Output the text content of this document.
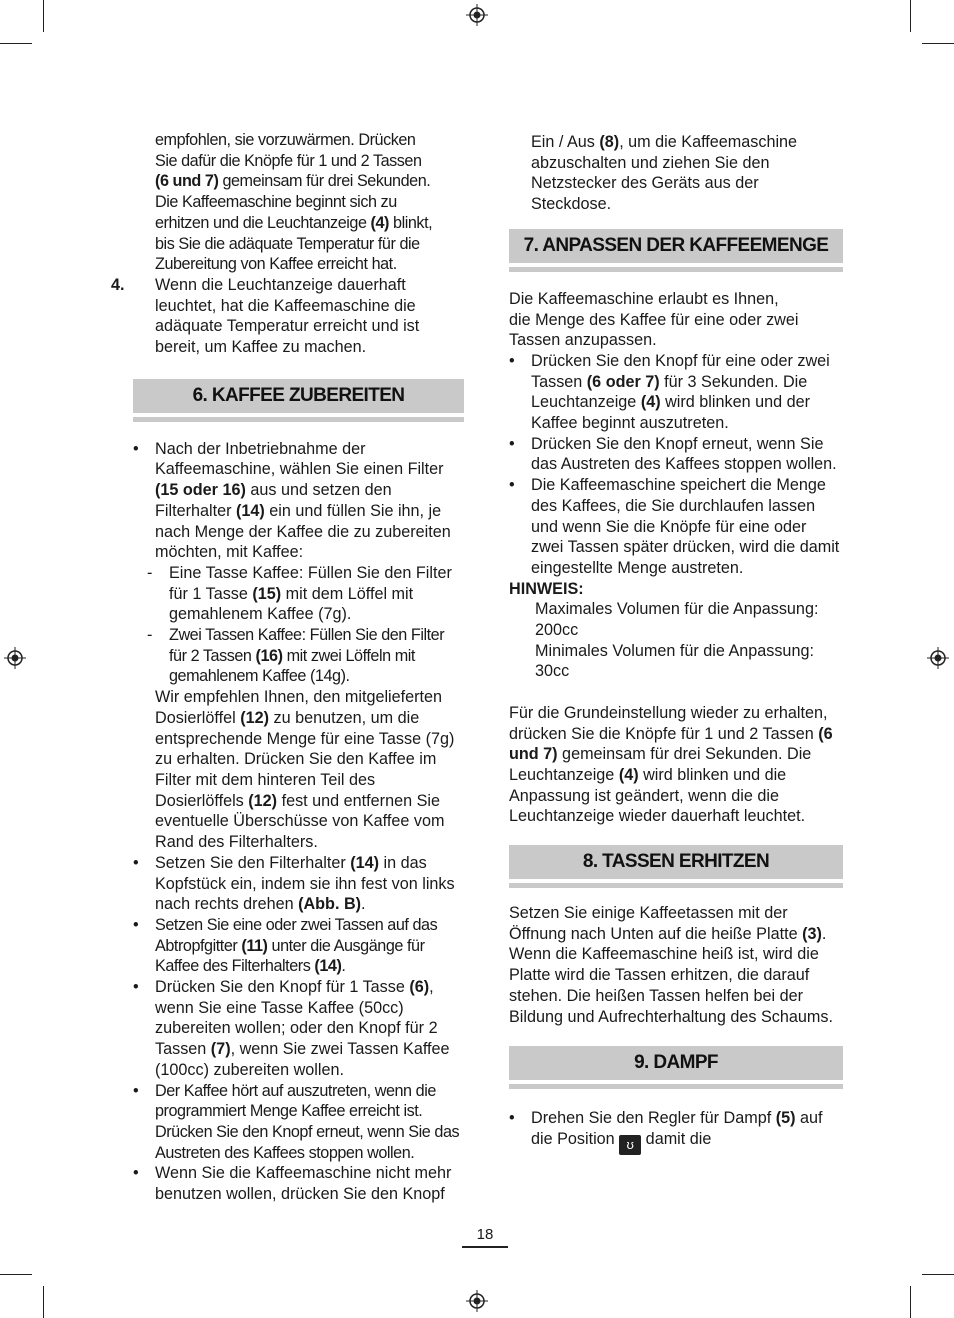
empfohlen, sie vorzuwärmen. Drücken

Sie dafür die Knöpfe für 1 und 2 Tassen

(6 und 7) gemeinsam für drei Sekunden.

Die Kaffeemaschine beginnt sich zu

erhitzen und die Leuchtanzeige (4) blinkt,

bis Sie die adäquate Temperatur für die

Zubereitung von Kaffee erreicht hat.

4. Wenn die Leuchtanzeige dauerhaft leuchtet, hat die Kaffeemaschine die adäquate Temperatur erreicht und ist bereit, um Kaffee zu machen.
6. KAFFEE ZUBEREITEN
• Nach der Inbetriebnahme der Kaffeemaschine, wählen Sie einen Filter (15 oder 16) aus und setzen den Filterhalter (14) ein und füllen Sie ihn, je nach Menge der Kaffee die zu zubereiten möchten, mit Kaffee:
- Eine Tasse Kaffee: Füllen Sie den Filter für 1 Tasse (15) mit dem Löffel mit gemahlenem Kaffee (7g).
- Zwei Tassen Kaffee: Füllen Sie den Filter für 2 Tassen (16) mit zwei Löffeln mit gemahlenem Kaffee (14g).
Wir empfehlen Ihnen, den mitgelieferten Dosierlöffel (12) zu benutzen, um die entsprechende Menge für eine Tasse (7g) zu erhalten. Drücken Sie den Kaffee im Filter mit dem hinteren Teil des Dosierlöffels (12) fest und entfernen Sie eventuelle Überschüsse von Kaffee vom Rand des Filterhalters.
• Setzen Sie den Filterhalter (14) in das Kopfstück ein, indem sie ihn fest von links nach rechts drehen (Abb. B).
• Setzen Sie eine oder zwei Tassen auf das Abtropfgitter (11) unter die Ausgänge für Kaffee des Filterhalters (14).
• Drücken Sie den Knopf für 1 Tasse (6), wenn Sie eine Tasse Kaffee (50cc) zubereiten wollen; oder den Knopf für 2 Tassen (7), wenn Sie zwei Tassen Kaffee (100cc) zubereiten wollen.
• Der Kaffee hört auf auszutreten, wenn die programmiert Menge Kaffee erreicht ist. Drücken Sie den Knopf erneut, wenn Sie das Austreten des Kaffees stoppen wollen.
• Wenn Sie die Kaffeemaschine nicht mehr benutzen wollen, drücken Sie den Knopf
Ein / Aus (8), um die Kaffeemaschine abzuschalten und ziehen Sie den Netzstecker des Geräts aus der Steckdose.
7. ANPASSEN DER KAFFEEMENGE

Die Kaffeemaschine erlaubt es Ihnen, die Menge des Kaffee für eine oder zwei Tassen anzupassen.

• Drücken Sie den Knopf für eine oder zwei Tassen (6 oder 7) für 3 Sekunden. Die Leuchtanzeige (4) wird blinken und der Kaffee beginnt auszutreten.
• Drücken Sie den Knopf erneut, wenn Sie das Austreten des Kaffees stoppen wollen.
• Die Kaffeemaschine speichert die Menge des Kaffees, die Sie durchlaufen lassen und wenn Sie die Knöpfe für eine oder zwei Tassen später drücken, wird die damit eingestellte Menge austreten.

HINWEIS:

Maximales Volumen für die Anpassung: 200cc

Minimales Volumen für die Anpassung: 30cc

Für die Grundeinstellung wieder zu erhalten, drücken Sie die Knöpfe für 1 und 2 Tassen (6 und 7) gemeinsam für drei Sekunden. Die Leuchtanzeige (4) wird blinken und die Anpassung ist geändert, wenn die die Leuchtanzeige wieder dauerhaft leuchtet.

8. TASSEN ERHITZEN

Setzen Sie einige Kaffeetassen mit der Öffnung nach Unten auf die heiße Platte (3). Wenn die Kaffeemaschine heiß ist, wird die Platte wird die Tassen erhitzen, die darauf stehen. Die heißen Tassen helfen bei der Bildung und Aufrechterhaltung des Schaums.

9. DAMPF
• Drehen Sie den Regler für Dampf (5) auf die Position ʊ damit die
18
